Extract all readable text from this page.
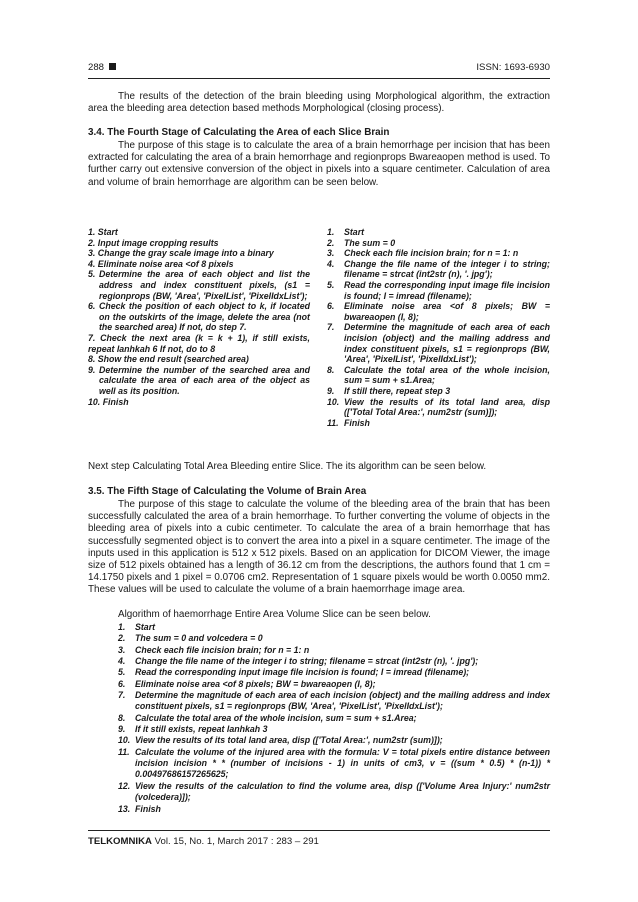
288	ISSN: 1693-6930

The results of the detection of the brain bleeding using Morphological algorithm, the extraction area the bleeding area detection based methods Morphological (closing process).

3.4. The Fourth Stage of Calculating the Area of each Slice Brain

The purpose of this stage is to calculate the area of a brain hemorrhage per incision that has been extracted for calculating the area of a brain hemorrhage and regionprops Bwareaopen method is used. To further carry out extensive conversion of the object in pixels into a square centimeter. Calculation of area and volume of brain hemorrhage are algorithm can be seen below.

1. Start
2. Input image cropping results
3. Change the gray scale image into a binary
4. Eliminate noise area <of 8 pixels
5. Determine the area of each object and list the address and index constituent pixels, (s1 = regionprops (BW, 'Area', 'PixelList', 'PixelIdxList');
6. Check the position of each object to k, if located on the outskirts of the image, delete the area (not the searched area) If not, do step 7.
7. Check the next area (k = k + 1), if still exists, repeat lanhkah 6 If not, do to 8
8. Show the end result (searched area)
9. Determine the number of the searched area and calculate the area of each area of the object as well as its position.
10. Finish
1. Start
2. The sum = 0
3. Check each file incision brain; for n = 1: n
4. Change the file name of the integer i to string; filename = strcat (int2str (n), '. jpg');
5. Read the corresponding input image file incision is found; I = imread (filename);
6. Eliminate noise area <of 8 pixels; BW = bwareaopen (I, 8);
7. Determine the magnitude of each area of each incision (object) and the mailing address and index constituent pixels, s1 = regionprops (BW, 'Area', 'PixelList', 'PixelIdxList');
8. Calculate the total area of the whole incision, sum = sum + s1.Area;
9. If still there, repeat step 3
10. View the results of its total land area, disp (['Total Total Area:', num2str (sum)]);
11. Finish

Next step Calculating Total Area Bleeding entire Slice. The its algorithm can be seen below.

3.5. The Fifth Stage of Calculating the Volume of Brain Area

The purpose of this stage to calculate the volume of the bleeding area of the brain that has been successfully calculated the area of a brain hemorrhage. To further converting the volume of objects in the bleeding area of pixels into a cubic centimeter. To calculate the area of a brain hemorrhage that has successfully segmented object is to convert the area into a pixel in a square centimeter. The image of the inputs used in this application is 512 x 512 pixels. Based on an application for DICOM Viewer, the image size of 512 pixels obtained has a length of 36.12 cm from the descriptions, the authors found that 1 cm = 14.1750 pixels and 1 pixel = 0.0706 cm2. Representation of 1 square pixels would be worth 0.0050 mm2. These values will be used to calculate the volume of a brain haemorrhage image area.

Algorithm of haemorrhage Entire Area Volume Slice can be seen below.

1. Start
2. The sum = 0 and volcedera = 0
3. Check each file incision brain; for n = 1: n
4. Change the file name of the integer i to string; filename = strcat (int2str (n), '. jpg');
5. Read the corresponding input image file incision is found; I = imread (filename);
6. Eliminate noise area <of 8 pixels; BW = bwareaopen (I, 8);
7. Determine the magnitude of each area of each incision (object) and the mailing address and index constituent pixels, s1 = regionprops (BW, 'Area', 'PixelList', 'PixelIdxList');
8. Calculate the total area of the whole incision, sum = sum + s1.Area;
9. If it still exists, repeat lanhkah 3
10. View the results of its total land area, disp (['Total Area:', num2str (sum)]);
11. Calculate the volume of the injured area with the formula: V = total pixels entire distance between incision incision * * (number of incisions - 1) in units of cm3, v = ((sum * 0.5) * (n-1)) * 0.00497686157265625;
12. View the results of the calculation to find the volume area, disp (['Volume Area Injury:' num2str (volcedera)]);
13. Finish
TELKOMNIKA Vol. 15, No. 1, March 2017 : 283 – 291
